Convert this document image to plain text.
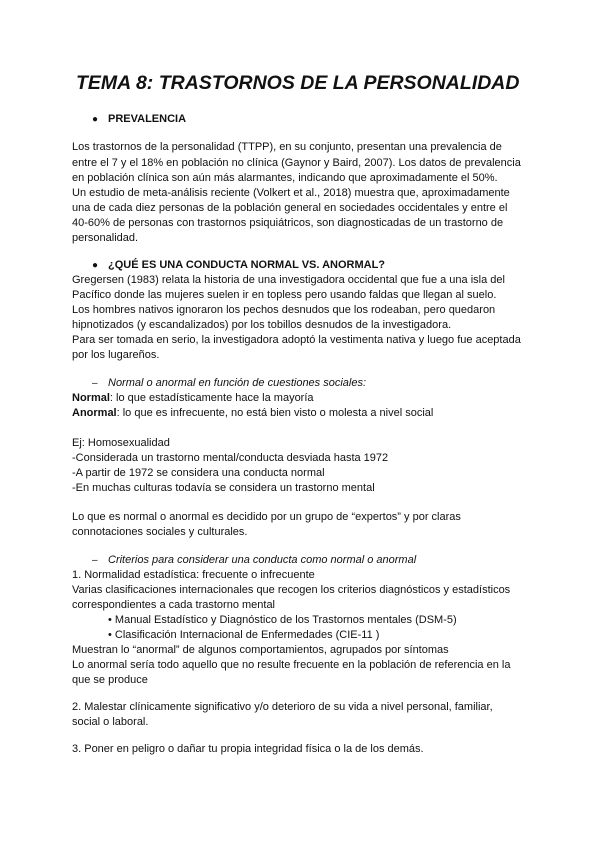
TEMA 8: TRASTORNOS DE LA PERSONALIDAD
● PREVALENCIA
Los trastornos de la personalidad (TTPP), en su conjunto, presentan una prevalencia de
entre el 7 y el 18% en población no clínica (Gaynor y Baird, 2007). Los datos de prevalencia
en población clínica son aún más alarmantes, indicando que aproximadamente el 50%.
Un estudio de meta-análisis reciente (Volkert et al., 2018) muestra que, aproximadamente
una de cada diez personas de la población general en sociedades occidentales y entre el
40-60% de personas con trastornos psiquiátricos, son diagnosticadas de un trastorno de
personalidad.
● ¿QUÉ ES UNA CONDUCTA NORMAL VS. ANORMAL?
Gregersen (1983) relata la historia de una investigadora occidental que fue a una isla del
Pacífico donde las mujeres suelen ir en topless pero usando faldas que llegan al suelo.
Los hombres nativos ignoraron los pechos desnudos que los rodeaban, pero quedaron
hipnotizados (y escandalizados) por los tobillos desnudos de la investigadora.
Para ser tomada en serio, la investigadora adoptó la vestimenta nativa y luego fue aceptada
por los lugareños.
– Normal o anormal en función de cuestiones sociales:
Normal: lo que estadísticamente hace la mayoría
Anormal: lo que es infrecuente, no está bien visto o molesta a nivel social
Ej: Homosexualidad
-Considerada un trastorno mental/conducta desviada hasta 1972
-A partir de 1972 se considera una conducta normal
-En muchas culturas todavía se considera un trastorno mental
Lo que es normal o anormal es decidido por un grupo de “expertos” y por claras
connotaciones sociales y culturales.
– Criterios para considerar una conducta como normal o anormal
1. Normalidad estadística: frecuente o infrecuente
Varias clasificaciones internacionales que recogen los criterios diagnósticos y estadísticos
correspondientes a cada trastorno mental
• Manual Estadístico y Diagnóstico de los Trastornos mentales (DSM-5)
• Clasificación Internacional de Enfermedades (CIE-11 )
Muestran lo “anormal” de algunos comportamientos, agrupados por síntomas
Lo anormal sería todo aquello que no resulte frecuente en la población de referencia en la
que se produce
2. Malestar clínicamente significativo y/o deterioro de su vida a nivel personal, familiar,
social o laboral.
3. Poner en peligro o dañar tu propia integridad física o la de los demás.
